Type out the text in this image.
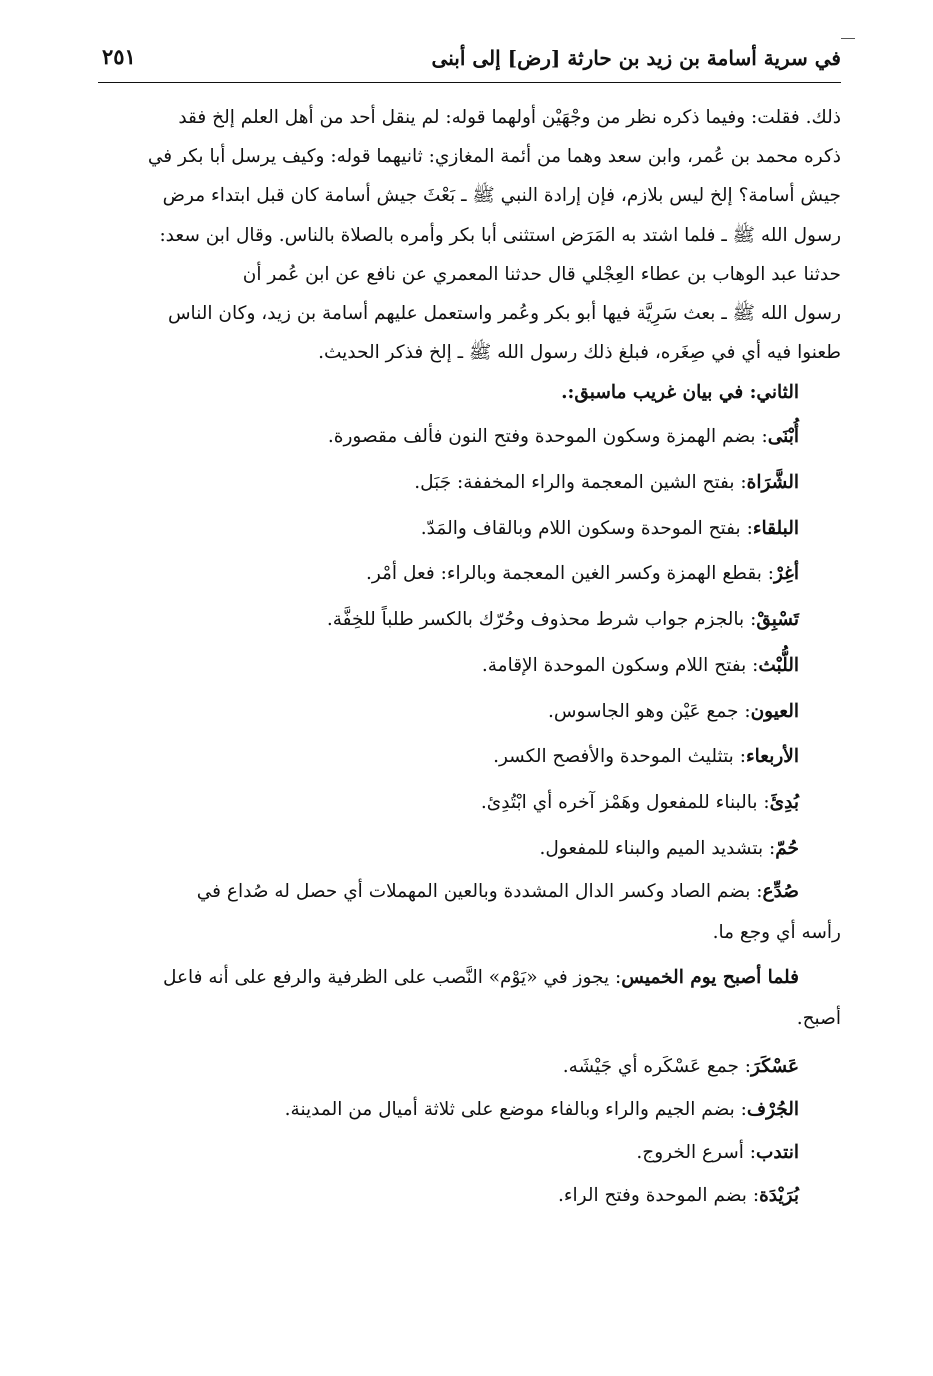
في سرية أسامة بن زيد بن حارثة [رض] إلى أبنى
٢٥١

ذلك. فقلت: وفيما ذكره نظر من وجْهَيْن أولهما قوله: لم ينقل أحد من أهل العلم إلخ فقد
ذكره محمد بن عُمر، وابن سعد وهما من أئمة المغازي: ثانيهما قوله: وكيف يرسل أبا بكر في
جيش أسامة؟ إلخ ليس بلازم، فإن إرادة النبي ﷺ ـ بَعْثَ جيش أسامة كان قبل ابتداء مرض
رسول الله ﷺ ـ فلما اشتد به المَرَض استثنى أبا بكر وأمره بالصلاة بالناس. وقال ابن سعد:
حدثنا عبد الوهاب بن عطاء العِجْلي قال حدثنا المعمري عن نافع عن ابن عُمر أن
رسول الله ﷺ ـ بعث سَرِيَّة فيها أبو بكر وعُمر واستعمل عليهم أسامة بن زيد، وكان الناس
طعنوا فيه أي في صِغَره، فبلغ ذلك رسول الله ﷺ ـ إلخ فذكر الحديث.

الثاني: في بيان غريب ماسبق:.

أُبْنَى: بضم الهمزة وسكون الموحدة وفتح النون فألف مقصورة.

الشَّرَاة: بفتح الشين المعجمة والراء المخففة: جَبَل.

البلقاء: بفتح الموحدة وسكون اللام وبالقاف والمَدّ.

أغِرْ: بقطع الهمزة وكسر الغين المعجمة وبالراء: فعل أمْر.

تَسْبِقْ: بالجزم جواب شرط محذوف وحُرّك بالكسر طلباً للخِفَّة.

اللُّبْث: بفتح اللام وسكون الموحدة الإقامة.

العيون: جمع عَيْن وهو الجاسوس.

الأربعاء: بتثليث الموحدة والأفصح الكسر.

بُدِئَ: بالبناء للمفعول وهَمْز آخره أي ابْتُدِئ.

حُمّ: بتشديد الميم والبناء للمفعول.

صُدِّع: بضم الصاد وكسر الدال المشددة وبالعين المهملات أي حصل له صُداع في
رأسه أي وجع ما.

فلما أصبح يوم الخميس: يجوز في «يَوْم» النَّصب على الظرفية والرفع على أنه فاعل
أصبح.

عَسْكَرَ: جمع عَسْكَره أي جَيْشَه.

الجُرْف: بضم الجيم والراء وبالفاء موضع على ثلاثة أميال من المدينة.

انتدب: أسرع الخروج.

بُرَيْدَة: بضم الموحدة وفتح الراء.
